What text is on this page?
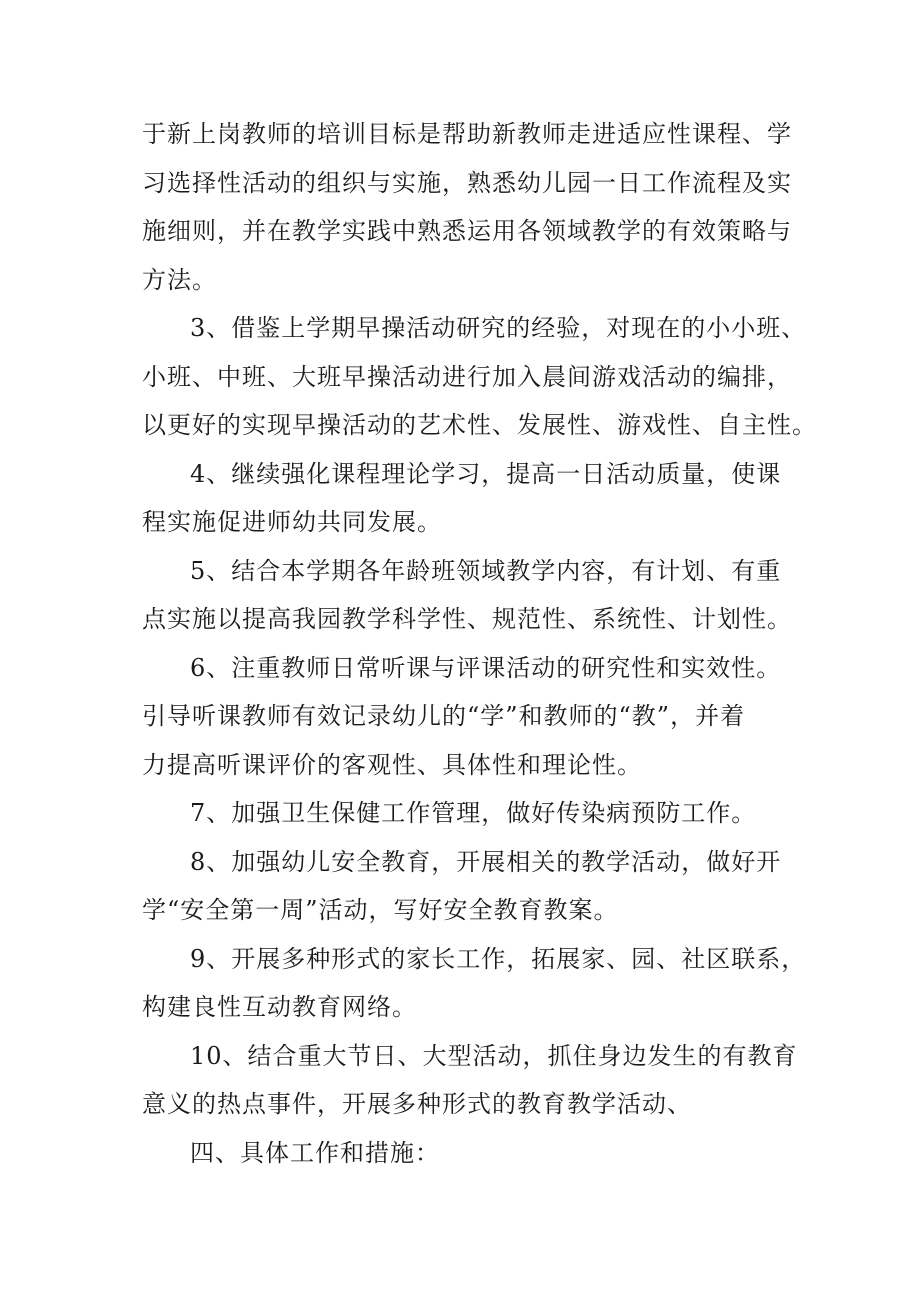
于新上岗教师的培训目标是帮助新教师走进适应性课程、学
习选择性活动的组织与实施，熟悉幼儿园一日工作流程及实
施细则，并在教学实践中熟悉运用各领域教学的有效策略与
方法。

3、借鉴上学期早操活动研究的经验，对现在的小小班、
小班、中班、大班早操活动进行加入晨间游戏活动的编排，
以更好的实现早操活动的艺术性、发展性、游戏性、自主性。

4、继续强化课程理论学习，提高一日活动质量，使课
程实施促进师幼共同发展。

5、结合本学期各年龄班领域教学内容，有计划、有重
点实施以提高我园教学科学性、规范性、系统性、计划性。

6、注重教师日常听课与评课活动的研究性和实效性。
引导听课教师有效记录幼儿的“学”和教师的“教”，并着
力提高听课评价的客观性、具体性和理论性。

7、加强卫生保健工作管理，做好传染病预防工作。

8、加强幼儿安全教育，开展相关的教学活动，做好开
学“安全第一周”活动，写好安全教育教案。

9、开展多种形式的家长工作，拓展家、园、社区联系，
构建良性互动教育网络。

10、结合重大节日、大型活动，抓住身边发生的有教育
意义的热点事件，开展多种形式的教育教学活动、

四、具体工作和措施：
